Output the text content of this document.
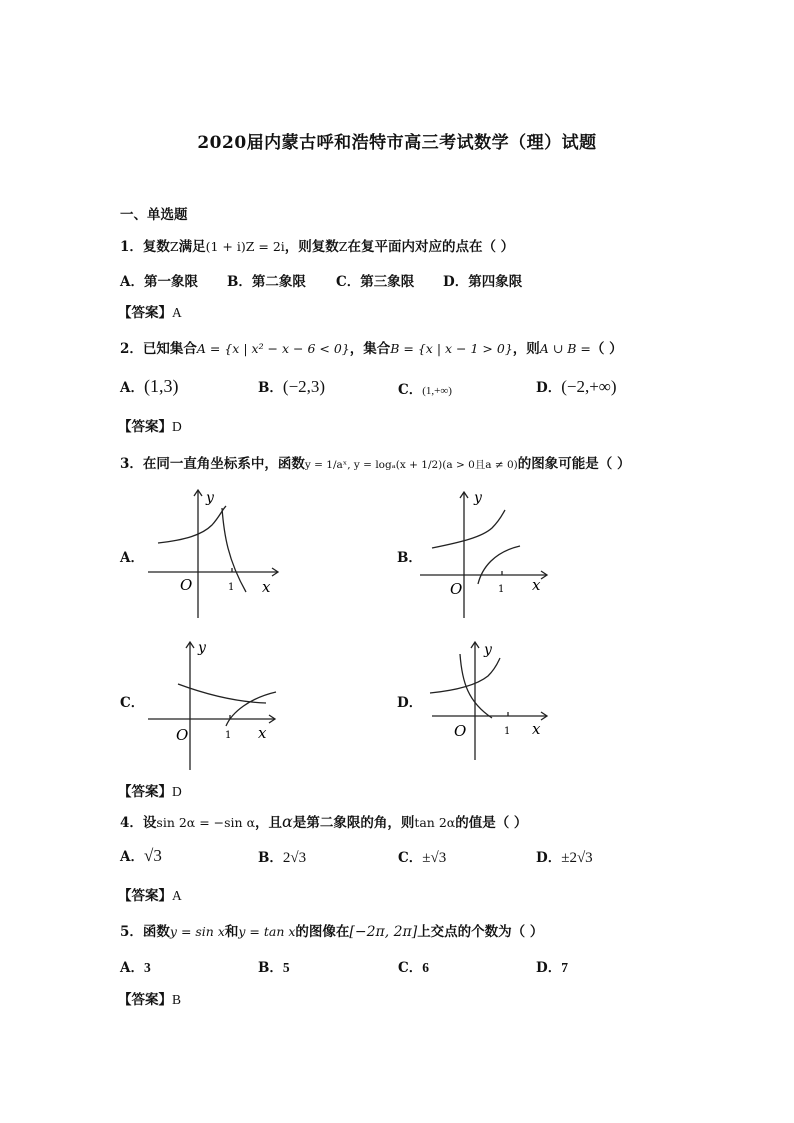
2020届内蒙古呼和浩特市高三考试数学（理）试题
一、单选题
1．复数Z满足(1 + i)Z = 2i，则复数Z在复平面内对应的点在（ ）
A．第一象限 B．第二象限 C．第三象限 D．第四象限
【答案】A
2．已知集合A = {x | x² − x − 6 < 0}，集合B = {x | x − 1 > 0}，则A ∪ B =（ ）
A．(1,3)	B．(−2,3)	C．(1,+∞)	D．(−2,+∞)
【答案】D
3．在同一直角坐标系中，函数y = 1/aˣ, y = logₐ(x + 1/2)(a > 0且a ≠ 0)的图象可能是（ ）
A．	B．
C．	D．
y
x
O	1
y
x
O	1
y
x
O	1
y
x
O	1
【答案】D
4．设sin 2α = −sin α，且α是第二象限的角，则tan 2α的值是（ ）
A．√3	B．2√3	C．±√3	D．±2√3
【答案】A
5．函数y = sin x和y = tan x的图像在[−2π, 2π]上交点的个数为（ ）
A．3	B．5	C．6	D．7
【答案】B
